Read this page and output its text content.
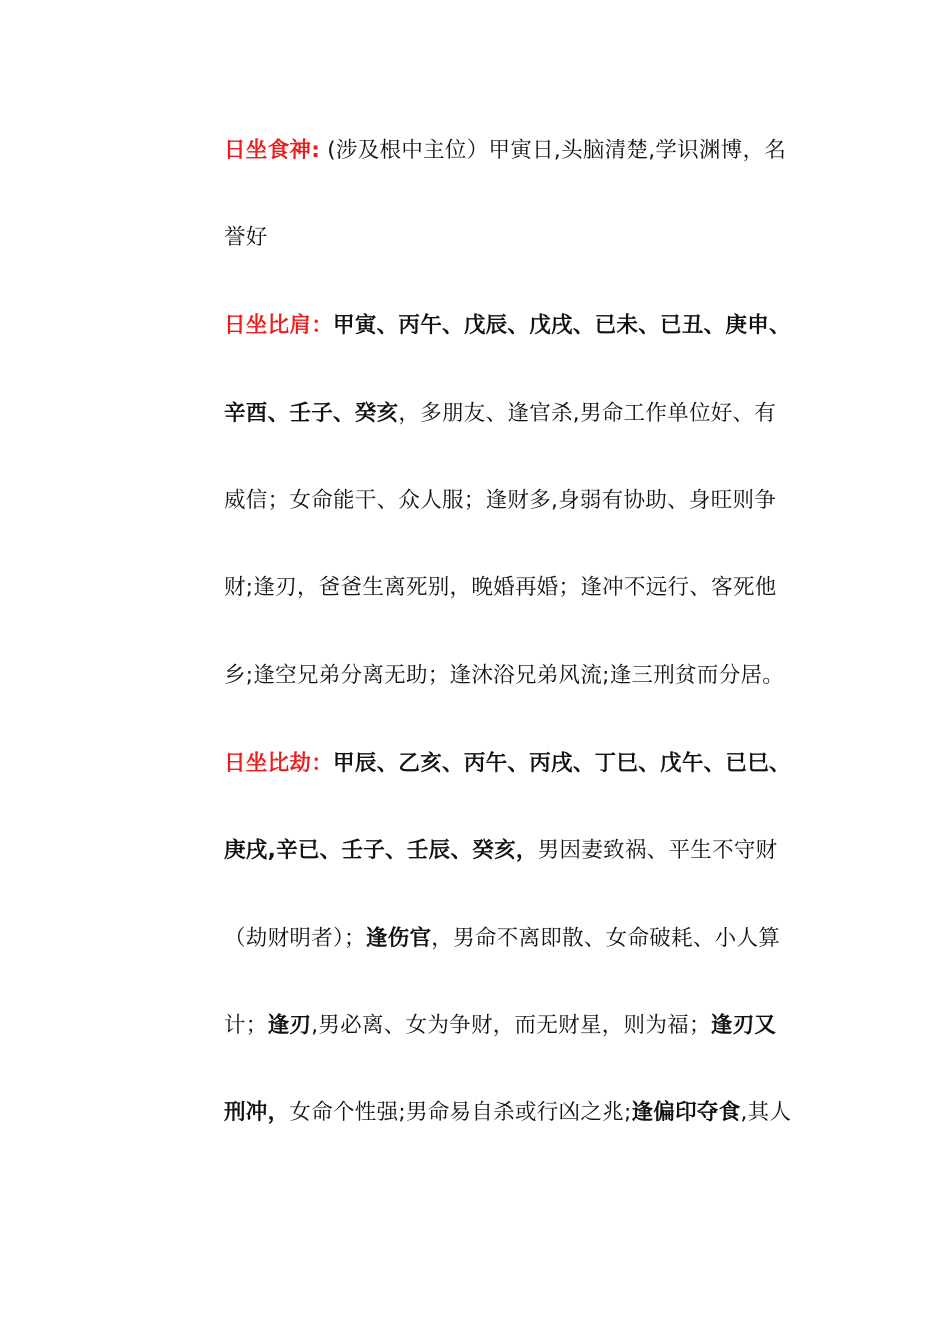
日坐食神: (涉及根中主位）甲寅日,头脑清楚,学识渊博，名
誉好
日坐比肩：甲寅、丙午、戊辰、戊戌、已未、已丑、庚申、
辛酉、壬子、癸亥，多朋友、逢官杀,男命工作单位好、有
威信；女命能干、众人服；逢财多,身弱有协助、身旺则争
财;逢刃，爸爸生离死别，晚婚再婚；逢冲不远行、客死他
乡;逢空兄弟分离无助；逢沐浴兄弟风流;逢三刑贫而分居。
日坐比劫：甲辰、乙亥、丙午、丙戌、丁巳、戊午、已巳、
庚戌,辛已、壬子、壬辰、癸亥，男因妻致祸、平生不守财
（劫财明者）；逢伤官，男命不离即散、女命破耗、小人算
计；逢刃,男必离、女为争财，而无财星，则为福；逢刃又
刑冲，女命个性强;男命易自杀或行凶之兆;逢偏印夺食,其人
